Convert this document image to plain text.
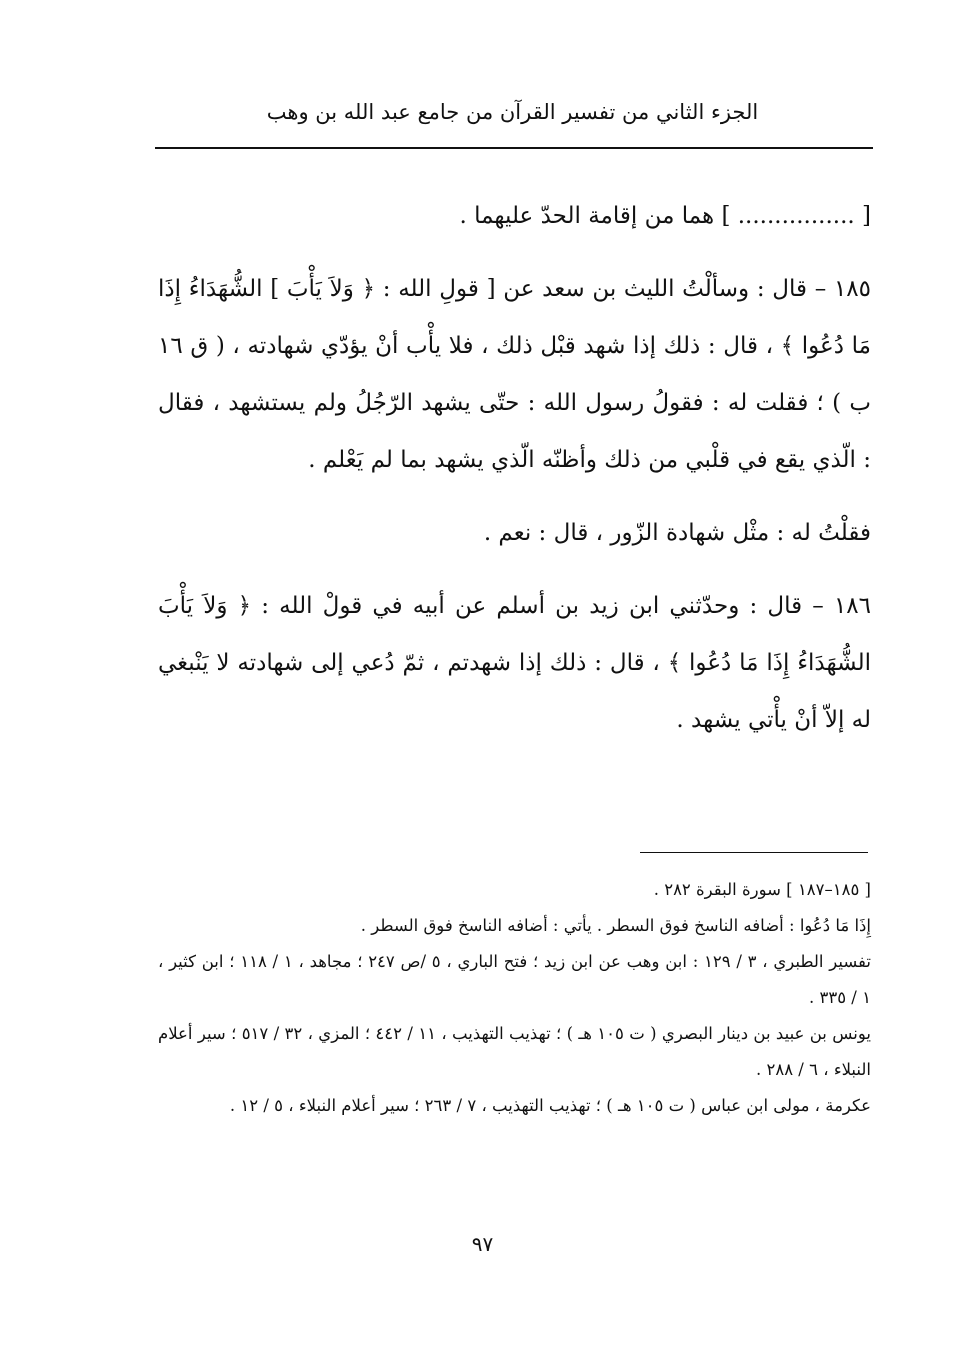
الجزء الثاني من تفسير القرآن من جامع عبد الله بن وهب

[ ................ ] هما من إقامة الحدّ عليهما .

١٨٥ – قال : وسألْتُ الليث بن سعد عن [ قولِ الله : ﴿ وَلاَ يَأْبَ ] الشُّهَدَاءُ إِذَا مَا دُعُوا ﴾ ، قال : ذلك إذا شهد قبْل ذلك ، فلا يأْب أنْ يؤدّي شهادته ، ( ق ١٦ ب ) ؛ فقلت له : فقولُ رسول الله : حتّى يشهد الرّجُلُ ولم يستشهد ، فقال : الّذي يقع في قلْبي من ذلك وأظنّه الّذي يشهد بما لم يَعْلم .

فقلْتُ له : مثْل شهادة الزّور ، قال : نعم .

١٨٦ – قال : وحدّثني ابن زيد بن أسلم عن أبيه في قولْ الله : ﴿ وَلاَ يَأْبَ الشُّهَدَاءُ إِذَا مَا دُعُوا ﴾ ، قال : ذلك إذا شهدتم ، ثمّ دُعي إلى شهادته لا يَنْبغي له إلاّ أنْ يأْتي يشهد .

[ ١٨٥–١٨٧ ] سورة البقرة ٢٨٢ .

إِذَا مَا دُعُوا : أضافه الناسخ فوق السطر . يأتي : أضافه الناسخ فوق السطر .

تفسير الطبري ، ٣ / ١٢٩ : ابن وهب عن ابن زيد ؛ فتح الباري ، ٥ /ص ٢٤٧ ؛ مجاهد ، ١ / ١١٨ ؛ ابن كثير ، ١ / ٣٣٥ .

يونس بن عبيد بن دينار البصري ( ت ١٠٥ هـ ) ؛ تهذيب التهذيب ، ١١ / ٤٤٢ ؛ المزي ، ٣٢ / ٥١٧ ؛ سير أعلام النبلاء ، ٦ / ٢٨٨ .

عكرمة ، مولى ابن عباس ( ت ١٠٥ هـ ) ؛ تهذيب التهذيب ، ٧ / ٢٦٣ ؛ سير أعلام النبلاء ، ٥ / ١٢ .

٩٧
